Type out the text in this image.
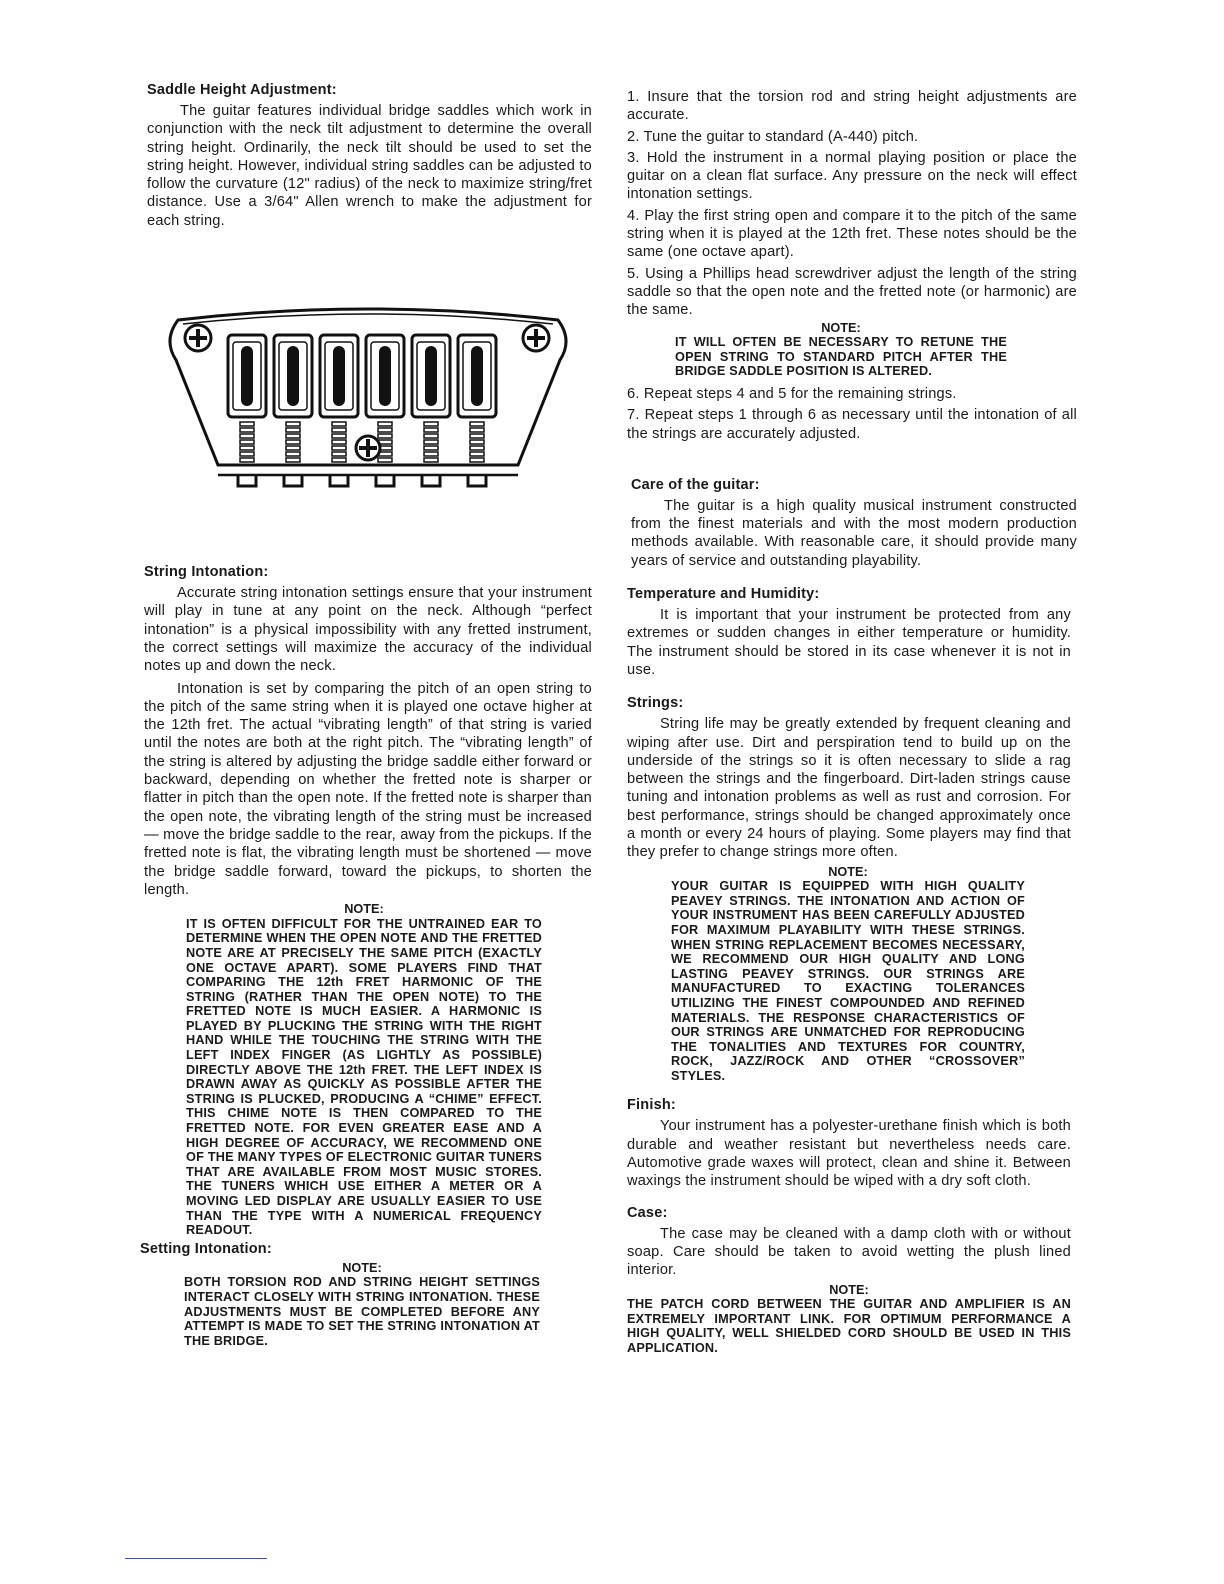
Saddle Height Adjustment:

The guitar features individual bridge saddles which work in conjunction with the neck tilt adjustment to determine the overall string height. Ordinarily, the neck tilt should be used to set the string height. However, individual string saddles can be adjusted to follow the curvature (12" radius) of the neck to maximize string/fret distance. Use a 3/64" Allen wrench to make the adjustment for each string.

String Intonation:

Accurate string intonation settings ensure that your instrument will play in tune at any point on the neck. Although “perfect intonation” is a physical impossibility with any fretted instrument, the correct settings will maximize the accuracy of the individual notes up and down the neck.

Intonation is set by comparing the pitch of an open string to the pitch of the same string when it is played one octave higher at the 12th fret. The actual “vibrating length” of that string is varied until the notes are both at the right pitch. The “vibrating length” of the string is altered by adjusting the bridge saddle either forward or backward, depending on whether the fretted note is sharper or flatter in pitch than the open note. If the fretted note is sharper than the open note, the vibrating length of the string must be increased — move the bridge saddle to the rear, away from the pickups. If the fretted note is flat, the vibrating length must be shortened — move the bridge saddle forward, toward the pickups, to shorten the length.

NOTE:
IT IS OFTEN DIFFICULT FOR THE UNTRAINED EAR TO DETERMINE WHEN THE OPEN NOTE AND THE FRETTED NOTE ARE AT PRECISELY THE SAME PITCH (EXACTLY ONE OCTAVE APART). SOME PLAYERS FIND THAT COMPARING THE 12th FRET HARMONIC OF THE STRING (RATHER THAN THE OPEN NOTE) TO THE FRETTED NOTE IS MUCH EASIER. A HARMONIC IS PLAYED BY PLUCKING THE STRING WITH THE RIGHT HAND WHILE THE TOUCHING THE STRING WITH THE LEFT INDEX FINGER (AS LIGHTLY AS POSSIBLE) DIRECTLY ABOVE THE 12th FRET. THE LEFT INDEX IS DRAWN AWAY AS QUICKLY AS POSSIBLE AFTER THE STRING IS PLUCKED, PRODUCING A “CHIME” EFFECT. THIS CHIME NOTE IS THEN COMPARED TO THE FRETTED NOTE. FOR EVEN GREATER EASE AND A HIGH DEGREE OF ACCURACY, WE RECOMMEND ONE OF THE MANY TYPES OF ELECTRONIC GUITAR TUNERS THAT ARE AVAILABLE FROM MOST MUSIC STORES. THE TUNERS WHICH USE EITHER A METER OR A MOVING LED DISPLAY ARE USUALLY EASIER TO USE THAN THE TYPE WITH A NUMERICAL FREQUENCY READOUT.
Setting Intonation:
NOTE:
BOTH TORSION ROD AND STRING HEIGHT SETTINGS INTERACT CLOSELY WITH STRING INTONATION. THESE ADJUSTMENTS MUST BE COMPLETED BEFORE ANY ATTEMPT IS MADE TO SET THE STRING INTONATION AT THE BRIDGE.
1. Insure that the torsion rod and string height adjustments are accurate.
2. Tune the guitar to standard (A-440) pitch.
3. Hold the instrument in a normal playing position or place the guitar on a clean flat surface. Any pressure on the neck will effect intonation settings.
4. Play the first string open and compare it to the pitch of the same string when it is played at the 12th fret. These notes should be the same (one octave apart).
5. Using a Phillips head screwdriver adjust the length of the string saddle so that the open note and the fretted note (or harmonic) are the same.
NOTE:
IT WILL OFTEN BE NECESSARY TO RETUNE THE OPEN STRING TO STANDARD PITCH AFTER THE BRIDGE SADDLE POSITION IS ALTERED.
6. Repeat steps 4 and 5 for the remaining strings.
7. Repeat steps 1 through 6 as necessary until the intonation of all the strings are accurately adjusted.
Care of the guitar:

The guitar is a high quality musical instrument constructed from the finest materials and with the most modern production methods available. With reasonable care, it should provide many years of service and outstanding playability.

Temperature and Humidity:

It is important that your instrument be protected from any extremes or sudden changes in either temperature or humidity. The instrument should be stored in its case whenever it is not in use.

Strings:

String life may be greatly extended by frequent cleaning and wiping after use. Dirt and perspiration tend to build up on the underside of the strings so it is often necessary to slide a rag between the strings and the fingerboard. Dirt-laden strings cause tuning and intonation problems as well as rust and corrosion. For best performance, strings should be changed approximately once a month or every 24 hours of playing. Some players may find that they prefer to change strings more often.

NOTE:
YOUR GUITAR IS EQUIPPED WITH HIGH QUALITY PEAVEY STRINGS. THE INTONATION AND ACTION OF YOUR INSTRUMENT HAS BEEN CAREFULLY ADJUSTED FOR MAXIMUM PLAYABILITY WITH THESE STRINGS. WHEN STRING REPLACEMENT BECOMES NECESSARY, WE RECOMMEND OUR HIGH QUALITY AND LONG LASTING PEAVEY STRINGS. OUR STRINGS ARE MANUFACTURED TO EXACTING TOLERANCES UTILIZING THE FINEST COMPOUNDED AND REFINED MATERIALS. THE RESPONSE CHARACTERISTICS OF OUR STRINGS ARE UNMATCHED FOR REPRODUCING THE TONALITIES AND TEXTURES FOR COUNTRY, ROCK, JAZZ/ROCK AND OTHER “CROSSOVER” STYLES.
Finish:

Your instrument has a polyester-urethane finish which is both durable and weather resistant but nevertheless needs care. Automotive grade waxes will protect, clean and shine it. Between waxings the instrument should be wiped with a dry soft cloth.

Case:

The case may be cleaned with a damp cloth with or without soap. Care should be taken to avoid wetting the plush lined interior.

NOTE:
THE PATCH CORD BETWEEN THE GUITAR AND AMPLIFIER IS AN EXTREMELY IMPORTANT LINK. FOR OPTIMUM PERFORMANCE A HIGH QUALITY, WELL SHIELDED CORD SHOULD BE USED IN THIS APPLICATION.
